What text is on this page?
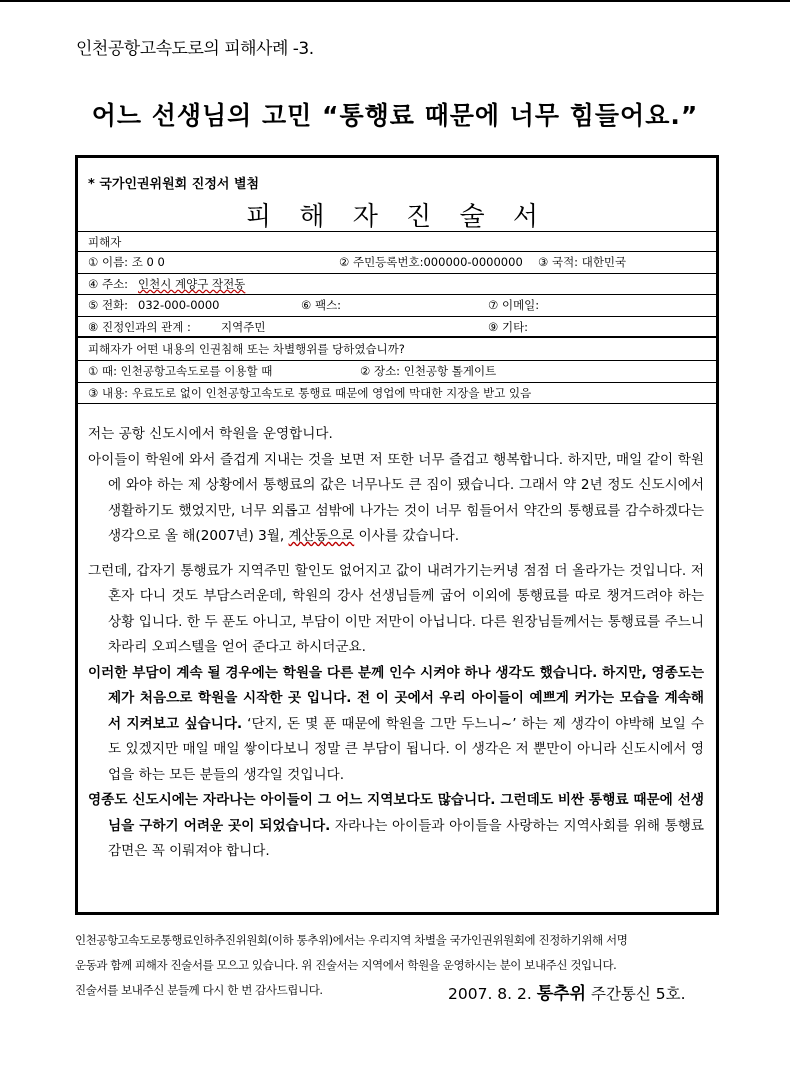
인천공항고속도로의 피해사례 -3.
어느 선생님의 고민 “통행료 때문에 너무 힘들어요.”
* 국가인권위원회 진정서 별첨
피 해 자 진 술 서
피해자
① 이름: 조 0 0	② 주민등록번호:000000-0000000 ③ 국적: 대한민국
④ 주소: 인천시 계양구 작전동
⑤ 전화: 032-000-0000	⑥ 팩스:	⑦ 이메일:
⑧ 진정인과의 관계 :	지역주민	⑨ 기타:
피해자가 어떤 내용의 인권침해 또는 차별행위를 당하였습니까?
① 때: 인천공항고속도로를 이용할 때	② 장소: 인천공항 톨게이트
③ 내용: 우료도로 없이 인천공항고속도로 통행료 때문에 영업에 막대한 지장을 받고 있음

저는 공항 신도시에서 학원을 운영합니다.

아이들이 학원에 와서 즐겁게 지내는 것을 보면 저 또한 너무 즐겁고 행복합니다. 하지만, 매일 같이 학원에 와야 하는 제 상황에서 통행료의 값은 너무나도 큰 짐이 됐습니다. 그래서 약 2년 정도 신도시에서 생활하기도 했었지만, 너무 외롭고 섬밖에 나가는 것이 너무 힘들어서 약간의 통행료를 감수하겠다는 생각으로 올 해(2007년) 3월, 계산동으로 이사를 갔습니다.

그런데, 갑자기 통행료가 지역주민 할인도 없어지고 값이 내려가기는커녕 점점 더 올라가는 것입니다. 저 혼자 다니 것도 부담스러운데, 학원의 강사 선생님들께 굽어 이외에 통행료를 따로 챙겨드려야 하는 상황 입니다. 한 두 푼도 아니고, 부담이 이만 저만이 아닙니다. 다른 원장님들께서는 통행료를 주느니 차라리 오피스텔을 얻어 준다고 하시더군요.

이러한 부담이 계속 될 경우에는 학원을 다른 분께 인수 시켜야 하나 생각도 했습니다. 하지만, 영종도는 제가 처음으로 학원을 시작한 곳 입니다. 전 이 곳에서 우리 아이들이 예쁘게 커가는 모습을 계속해서 지켜보고 싶습니다. ‘단지, 돈 몇 푼 때문에 학원을 그만 두느니~’ 하는 제 생각이 야박해 보일 수도 있겠지만 매일 매일 쌓이다보니 정말 큰 부담이 됩니다. 이 생각은 저 뿐만이 아니라 신도시에서 영업을 하는 모든 분들의 생각일 것입니다.

영종도 신도시에는 자라나는 아이들이 그 어느 지역보다도 많습니다. 그런데도 비싼 통행료 때문에 선생님을 구하기 어려운 곳이 되었습니다. 자라나는 아이들과 아이들을 사랑하는 지역사회를 위해 통행료 감면은 꼭 이뤄져야 합니다.

인천공항고속도로통행료인하추진위원회(이하 통추위)에서는 우리지역 차별을 국가인권위원회에 진정하기위해 서명
운동과 함께 피해자 진술서를 모으고 있습니다. 위 진술서는 지역에서 학원을 운영하시는 분이 보내주신 것입니다.
진술서를 보내주신 분들께 다시 한 번 감사드립니다.	2007. 8. 2. 통추위 주간통신 5호.
